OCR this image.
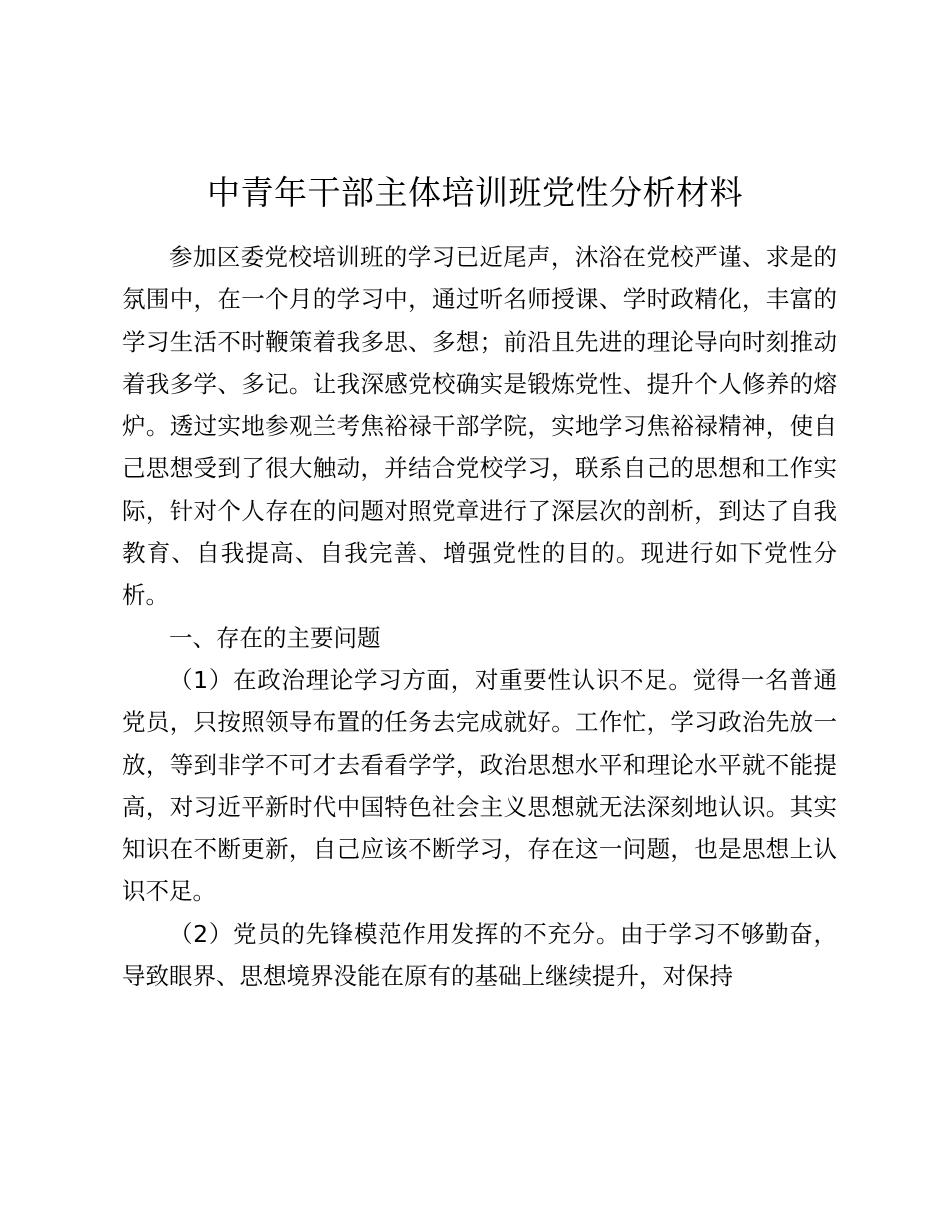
中青年干部主体培训班党性分析材料

参加区委党校培训班的学习已近尾声，沐浴在党校严谨、求是的氛围中，在一个月的学习中，通过听名师授课、学时政精化，丰富的学习生活不时鞭策着我多思、多想；前沿且先进的理论导向时刻推动着我多学、多记。让我深感党校确实是锻炼党性、提升个人修养的熔炉。透过实地参观兰考焦裕禄干部学院，实地学习焦裕禄精神，使自己思想受到了很大触动，并结合党校学习，联系自己的思想和工作实际，针对个人存在的问题对照党章进行了深层次的剖析，到达了自我教育、自我提高、自我完善、增强党性的目的。现进行如下党性分析。

一、存在的主要问题

（1）在政治理论学习方面，对重要性认识不足。觉得一名普通党员，只按照领导布置的任务去完成就好。工作忙，学习政治先放一放，等到非学不可才去看看学学，政治思想水平和理论水平就不能提高，对习近平新时代中国特色社会主义思想就无法深刻地认识。其实知识在不断更新，自己应该不断学习，存在这一问题，也是思想上认识不足。

（2）党员的先锋模范作用发挥的不充分。由于学习不够勤奋，导致眼界、思想境界没能在原有的基础上继续提升，对保持
